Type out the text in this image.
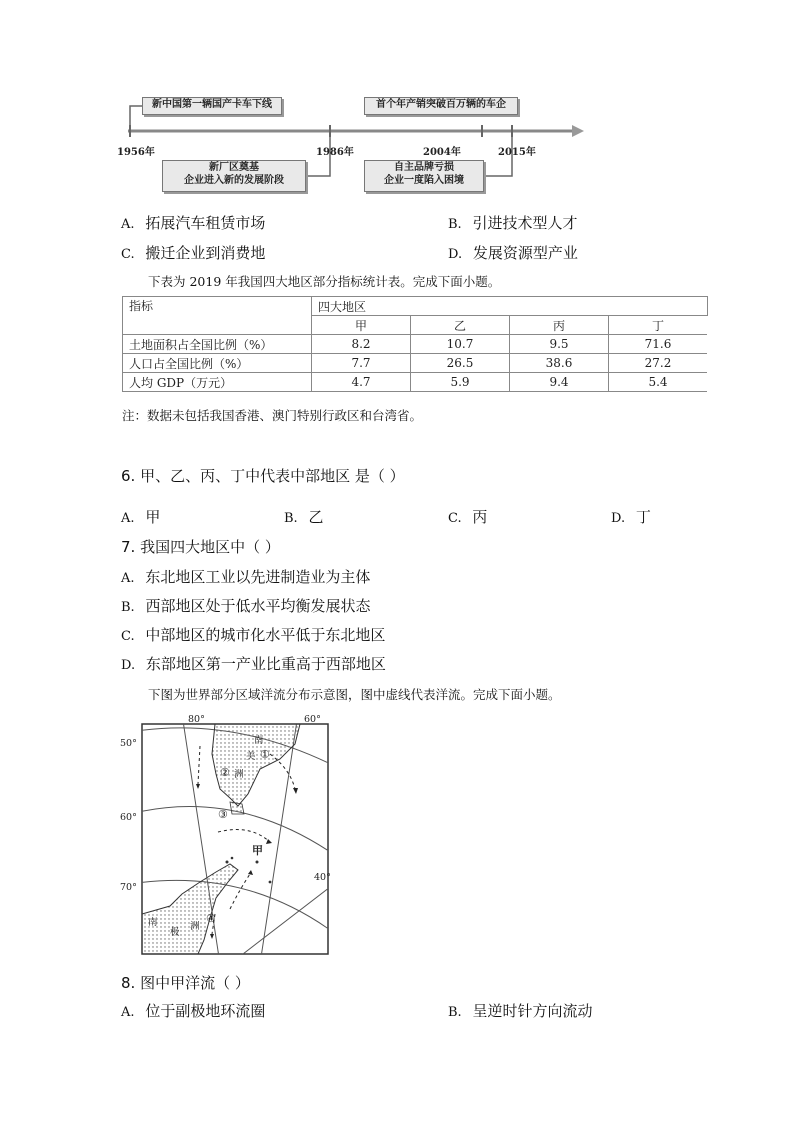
新中国第一辆国产卡车下线	首个年产销突破百万辆的车企
1956年	1986年	2004年	2015年
新厂区奠基
企业进入新的发展阶段
自主品牌亏损
企业一度陷入困境
A. 拓展汽车租赁市场	B. 引进技术型人才
C. 搬迁企业到消费地	D. 发展资源型产业
下表为 2019 年我国四大地区部分指标统计表。完成下面小题。
指标	四大地区			
	甲	乙	丙	丁
土地面积占全国比例（%）	8.2	10.7	9.5	71.6
人口占全国比例（%）	7.7	26.5	38.6	27.2
人均 GDP（万元）	4.7	5.9	9.4	5.4
注：数据未包括我国香港、澳门特别行政区和台湾省。
6. 甲、乙、丙、丁中代表中部地区 是（ ）
A. 甲	B. 乙	C. 丙	D. 丁
7. 我国四大地区中（ ）
A. 东北地区工业以先进制造业为主体
B. 西部地区处于低水平均衡发展状态
C. 中部地区的城市化水平低于东北地区
D. 东部地区第一产业比重高于西部地区
下图为世界部分区域洋流分布示意图，图中虚线代表洋流。完成下面小题。
80°	60°
40°
50°
60°
70°
南
美
洲
南
极
洲
①
②
③
④
甲
8. 图中甲洋流（ ）
A. 位于副极地环流圈	B. 呈逆时针方向流动
